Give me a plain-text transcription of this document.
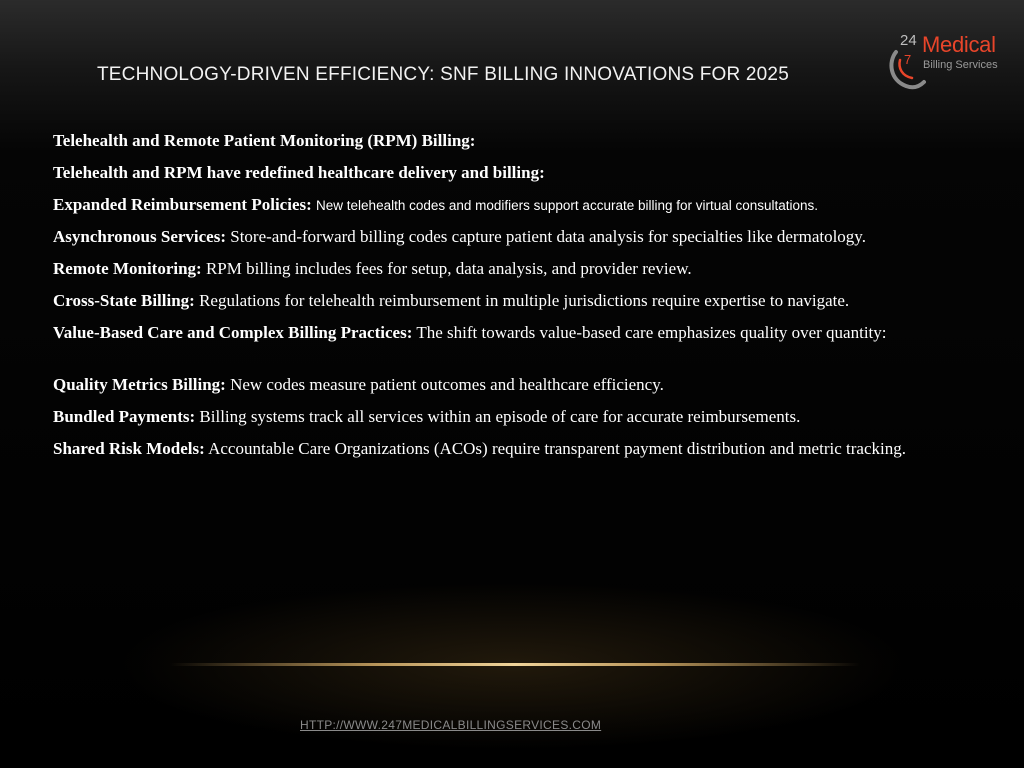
TECHNOLOGY-DRIVEN EFFICIENCY: SNF BILLING INNOVATIONS FOR 2025
24
7
Medical
Billing Services

Telehealth and Remote Patient Monitoring (RPM) Billing:

Telehealth and RPM have redefined healthcare delivery and billing:

Expanded Reimbursement Policies: New telehealth codes and modifiers support accurate billing for virtual consultations.

Asynchronous Services: Store-and-forward billing codes capture patient data analysis for specialties like dermatology.

Remote Monitoring: RPM billing includes fees for setup, data analysis, and provider review.

Cross-State Billing: Regulations for telehealth reimbursement in multiple jurisdictions require expertise to navigate.

Value-Based Care and Complex Billing Practices: The shift towards value-based care emphasizes quality over quantity:

Quality Metrics Billing: New codes measure patient outcomes and healthcare efficiency.

Bundled Payments: Billing systems track all services within an episode of care for accurate reimbursements.

Shared Risk Models: Accountable Care Organizations (ACOs) require transparent payment distribution and metric tracking.

HTTP://WWW.247MEDICALBILLINGSERVICES.COM
